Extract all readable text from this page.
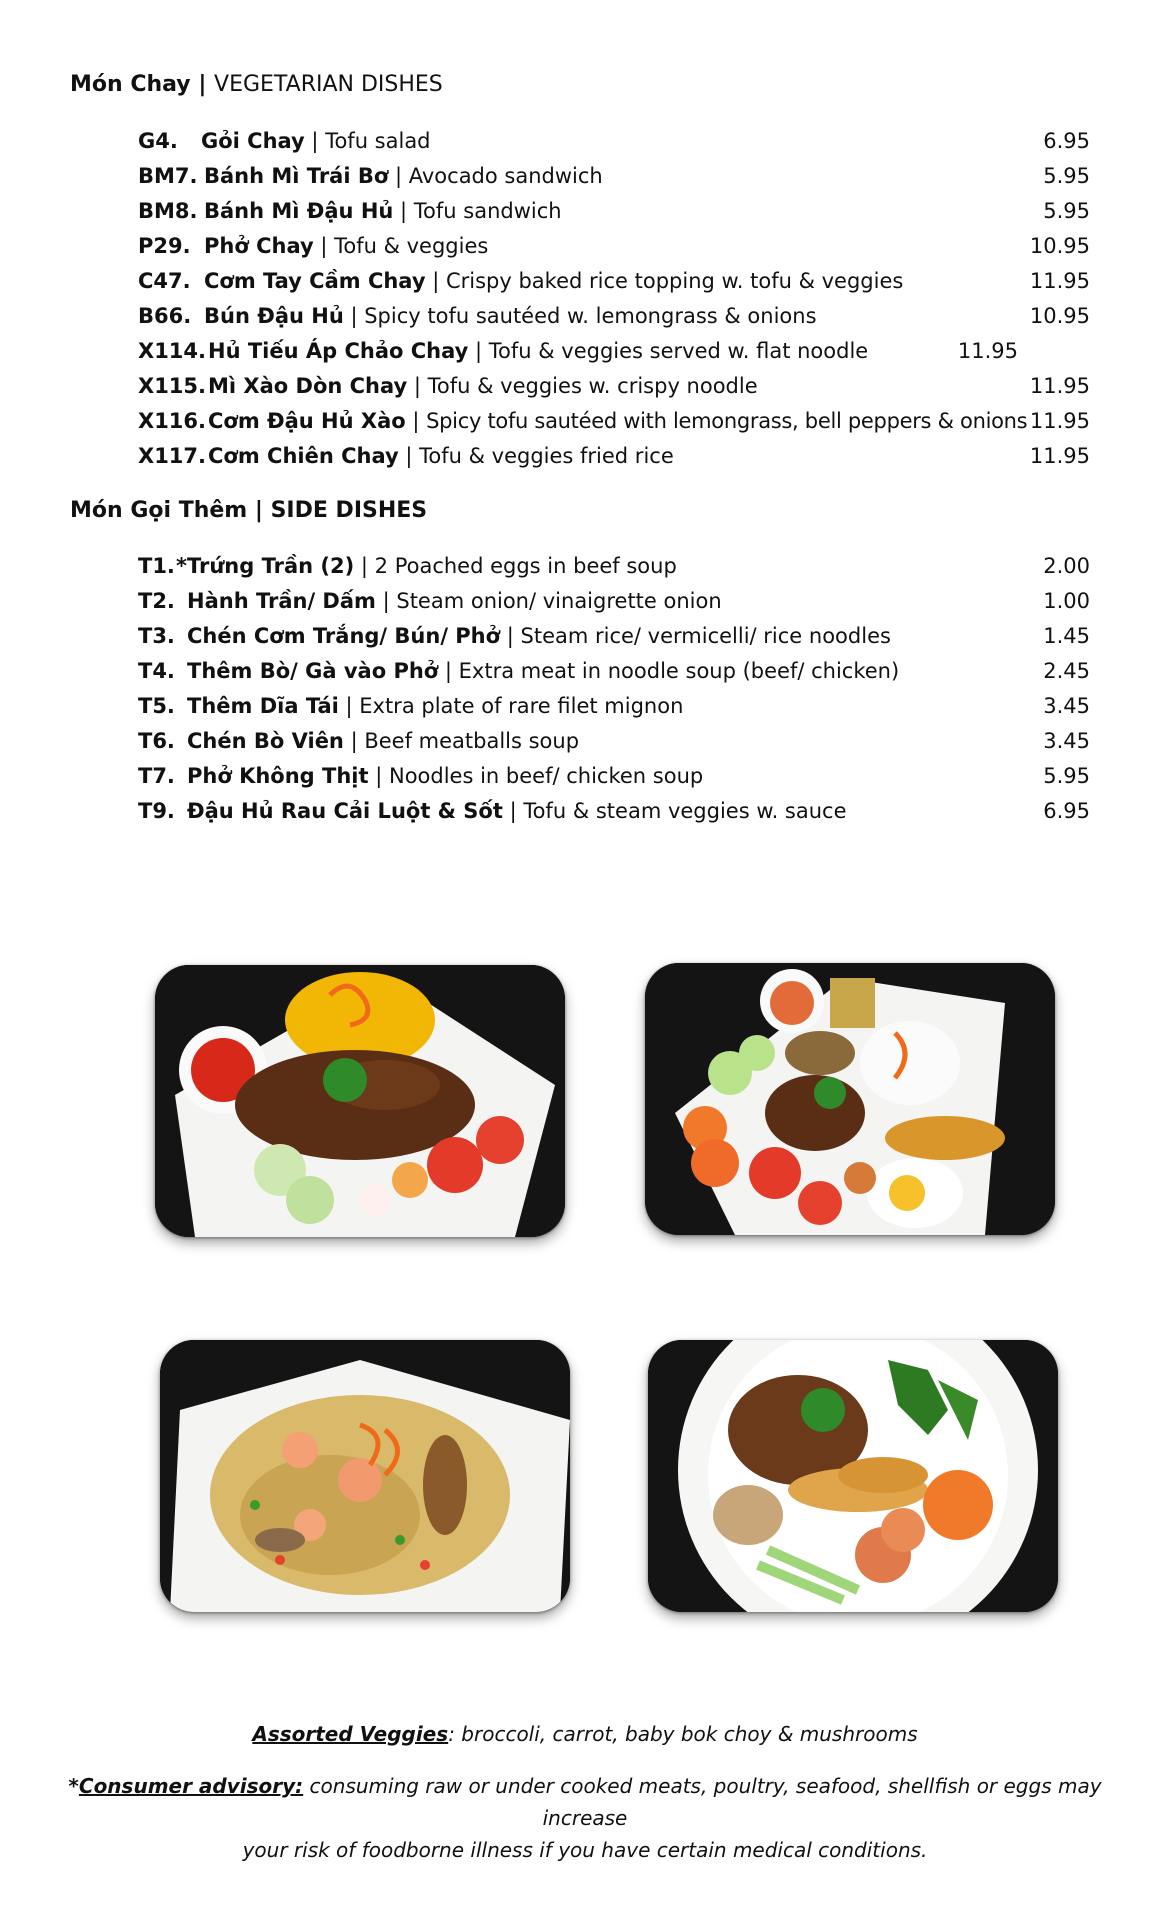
Món Chay | VEGETARIAN DISHES
G4. Gỏi Chay | Tofu salad	6.95
BM7. Bánh Mì Trái Bơ | Avocado sandwich	5.95
BM8. Bánh Mì Đậu Hủ | Tofu sandwich	5.95
P29. Phở Chay | Tofu & veggies	10.95
C47. Cơm Tay Cầm Chay | Crispy baked rice topping w. tofu & veggies	11.95
B66. Bún Đậu Hủ | Spicy tofu sautéed w. lemongrass & onions	10.95
X114.Hủ Tiếu Áp Chảo Chay | Tofu & veggies served w. flat noodle	11.95
X115.Mì Xào Dòn Chay | Tofu & veggies w. crispy noodle	11.95
X116.Cơm Đậu Hủ Xào | Spicy tofu sautéed with lemongrass, bell peppers & onions 11.95
X117.Cơm Chiên Chay | Tofu & veggies fried rice	11.95
Món Gọi Thêm | SIDE DISHES
T1.*Trứng Trần (2) | 2 Poached eggs in beef soup	2.00
T2. Hành Trần/ Dấm | Steam onion/ vinaigrette onion	1.00
T3. Chén Cơm Trắng/ Bún/ Phở | Steam rice/ vermicelli/ rice noodles	1.45
T4. Thêm Bò/ Gà vào Phở | Extra meat in noodle soup (beef/ chicken)	2.45
T5. Thêm Dĩa Tái | Extra plate of rare filet mignon	3.45
T6. Chén Bò Viên | Beef meatballs soup	3.45
T7. Phở Không Thịt | Noodles in beef/ chicken soup	5.95
T9. Đậu Hủ Rau Cải Luột & Sốt | Tofu & steam veggies w. sauce	6.95
Assorted Veggies: broccoli, carrot, baby bok choy & mushrooms
*Consumer advisory: consuming raw or under cooked meats, poultry, seafood, shellfish or eggs may increase
your risk of foodborne illness if you have certain medical conditions.
